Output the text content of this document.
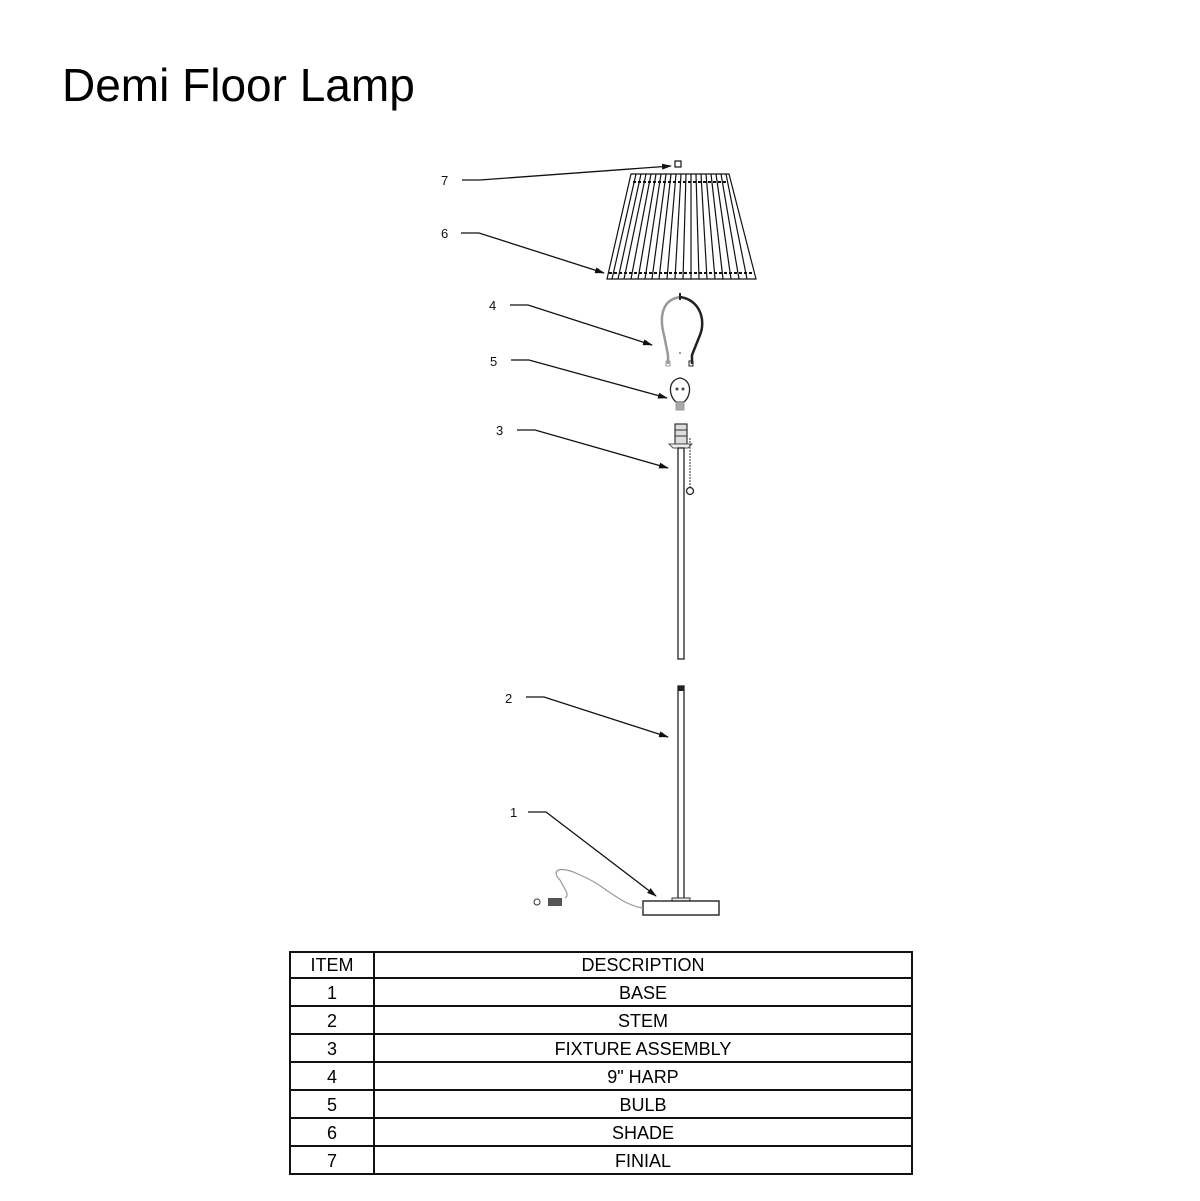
Demi Floor Lamp
7
6
4
5
3
2
1
ITEM	DESCRIPTION
1	BASE
2	STEM
3	FIXTURE ASSEMBLY
4	9" HARP
5	BULB
6	SHADE
7	FINIAL
